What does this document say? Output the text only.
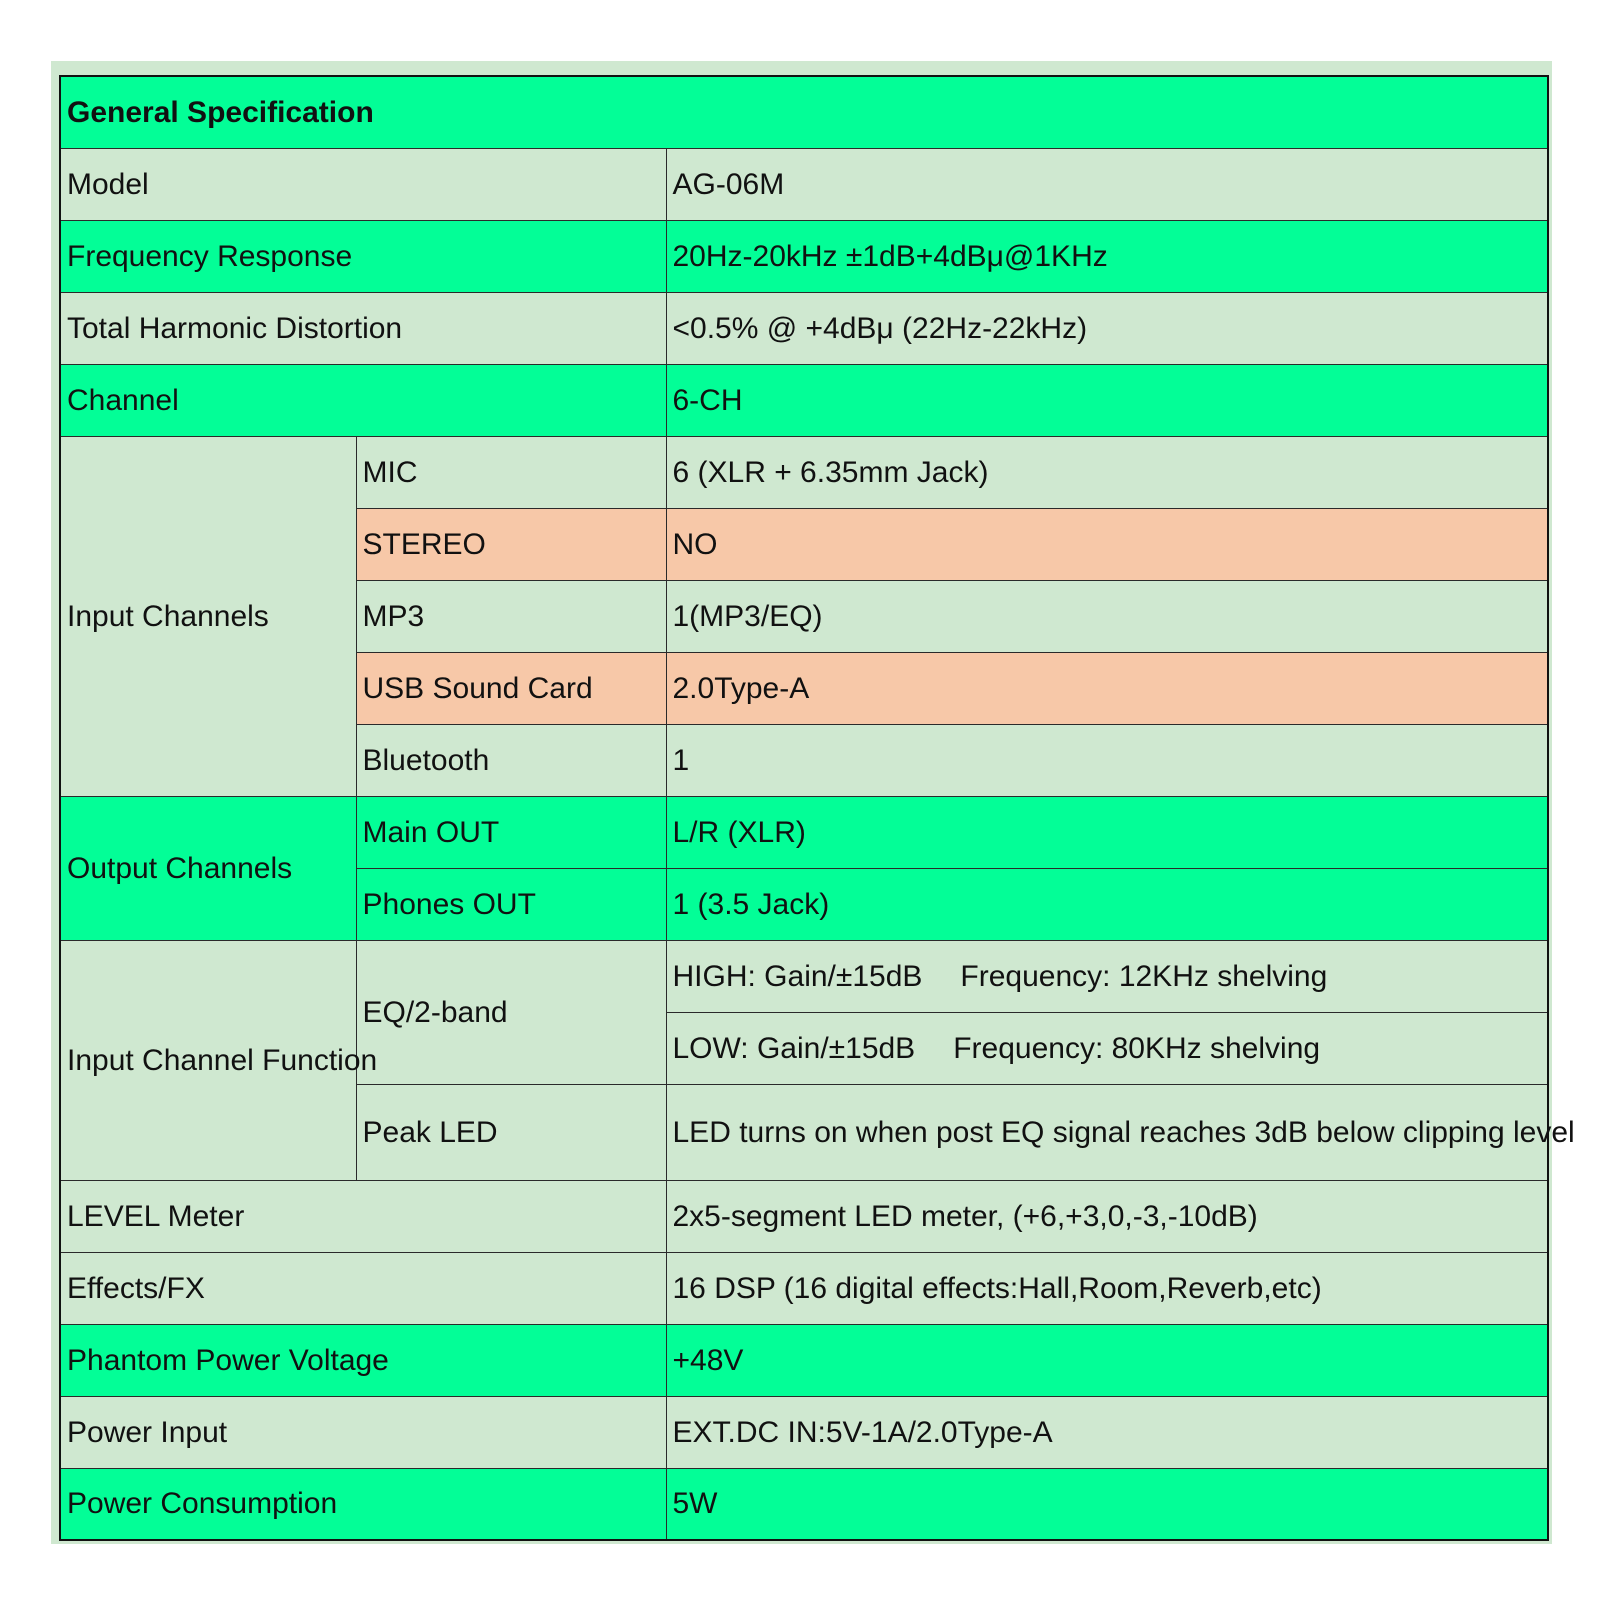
General Specification		
Model		AG-06M
Frequency Response		20Hz-20kHz ±1dB+4dBμ@1KHz
Total Harmonic Distortion		<0.5% @ +4dBμ (22Hz-22kHz)
Channel		6-CH
Input Channels	MIC	6 (XLR + 6.35mm Jack)
	STEREO	NO
	MP3	1(MP3/EQ)
	USB Sound Card	2.0Type-A
	Bluetooth	1
Output Channels	Main OUT	L/R (XLR)
	Phones OUT	1 (3.5 Jack)
Input Channel Function	EQ/2-band	HIGH: Gain/±15dB Frequency: 12KHz shelving
		LOW: Gain/±15dB Frequency: 80KHz shelving
	Peak LED	LED turns on when post EQ signal reaches 3dB below clipping level
LEVEL Meter		2x5-segment LED meter, (+6,+3,0,-3,-10dB)
Effects/FX		16 DSP (16 digital effects:Hall,Room,Reverb,etc)
Phantom Power Voltage		+48V
Power Input		EXT.DC IN:5V-1A/2.0Type-A
Power Consumption		5W
